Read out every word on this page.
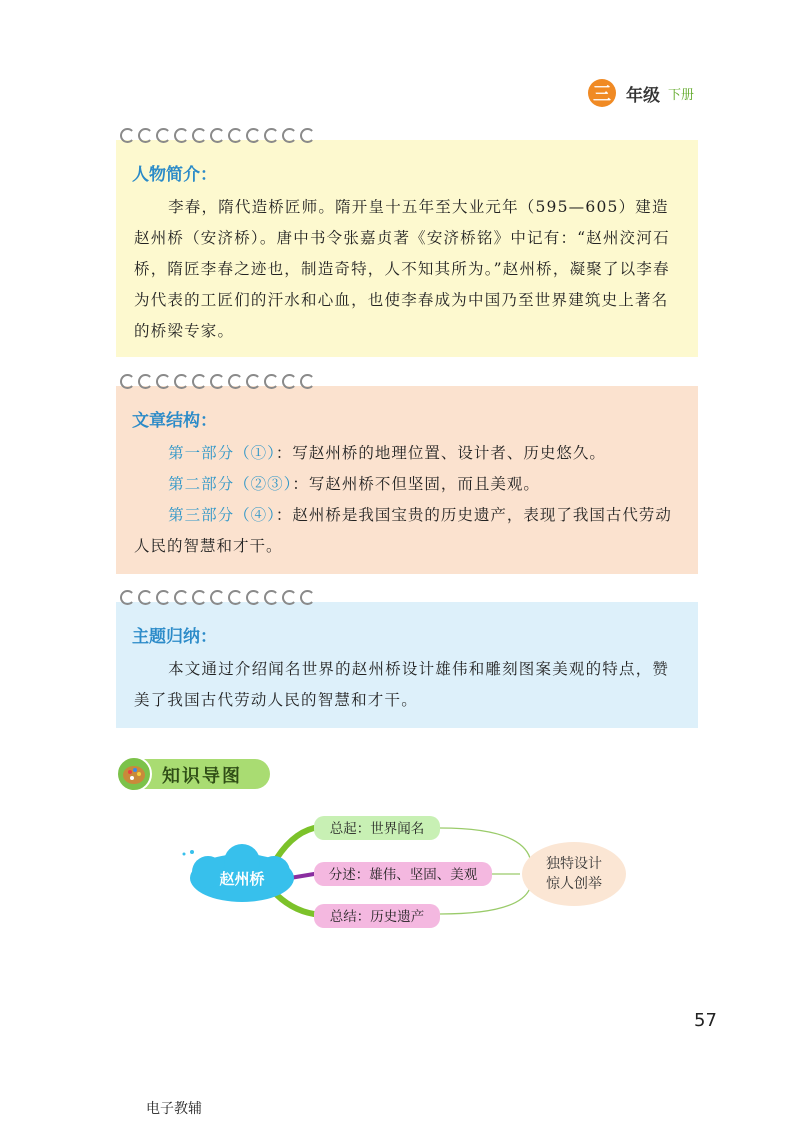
三 年级 下册
人物简介：

李春，隋代造桥匠师。隋开皇十五年至大业元年（595—605）建造赵州桥（安济桥）。唐中书令张嘉贞著《安济桥铭》中记有：“赵州洨河石桥，隋匠李春之迹也，制造奇特，人不知其所为。”赵州桥，凝聚了以李春为代表的工匠们的汗水和心血，也使李春成为中国乃至世界建筑史上著名的桥梁专家。

文章结构：

第一部分（①）：写赵州桥的地理位置、设计者、历史悠久。

第二部分（②③）：写赵州桥不但坚固，而且美观。

第三部分（④）：赵州桥是我国宝贵的历史遗产，表现了我国古代劳动人民的智慧和才干。

主题归纳：

本文通过介绍闻名世界的赵州桥设计雄伟和雕刻图案美观的特点，赞美了我国古代劳动人民的智慧和才干。

知识导图
赵州桥
总起：世界闻名
分述：雄伟、坚固、美观
总结：历史遗产
独特设计
惊人创举
57
电子教辅
